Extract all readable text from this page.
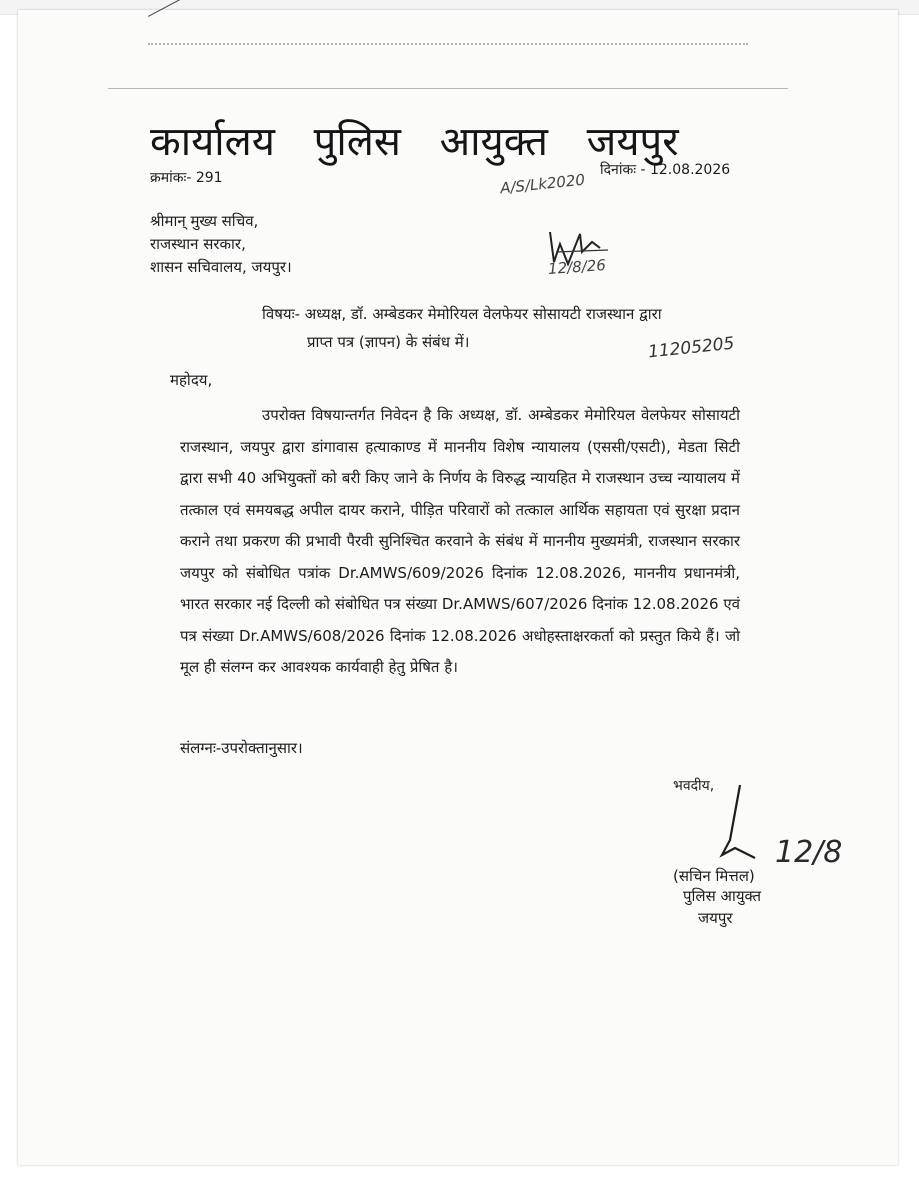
कार्यालय पुलिस आयुक्त जयपुर
क्रमांकः- 291	A/S/Lk2020
दिनांकः - 12.08.2026
श्रीमान् मुख्य सचिव,
राजस्थान सरकार,
शासन सचिवालय, जयपुर।	12/8/26
विषयः- अध्यक्ष, डॉ. अम्बेडकर मेमोरियल वेलफेयर सोसायटी राजस्थान द्वारा
प्राप्त पत्र (ज्ञापन) के संबंध में।	11205205
महोदय,
उपरोक्त विषयान्तर्गत निवेदन है कि अध्यक्ष, डॉ. अम्बेडकर मेमोरियल वेलफेयर सोसायटी राजस्थान, जयपुर द्वारा डांगावास हत्याकाण्ड में माननीय विशेष न्यायालय (एससी/एसटी), मेडता सिटी द्वारा सभी 40 अभियुक्तों को बरी किए जाने के निर्णय के विरुद्ध न्यायहित मे राजस्थान उच्च न्यायालय में तत्काल एवं समयबद्ध अपील दायर कराने, पीड़ित परिवारों को तत्काल आर्थिक सहायता एवं सुरक्षा प्रदान कराने तथा प्रकरण की प्रभावी पैरवी सुनिश्चित करवाने के संबंध में माननीय मुख्यमंत्री, राजस्थान सरकार जयपुर को संबोधित पत्रांक Dr.AMWS/609/2026 दिनांक 12.08.2026, माननीय प्रधानमंत्री, भारत सरकार नई दिल्ली को संबोधित पत्र संख्या Dr.AMWS/607/2026 दिनांक 12.08.2026 एवं पत्र संख्या Dr.AMWS/608/2026 दिनांक 12.08.2026 अधोहस्ताक्षरकर्ता को प्रस्तुत किये हैं। जो मूल ही संलग्न कर आवश्यक कार्यवाही हेतु प्रेषित है।
संलग्नः-उपरोक्तानुसार।
भवदीय,
12/8
(सचिन मित्तल)
पुलिस आयुक्त
जयपुर
